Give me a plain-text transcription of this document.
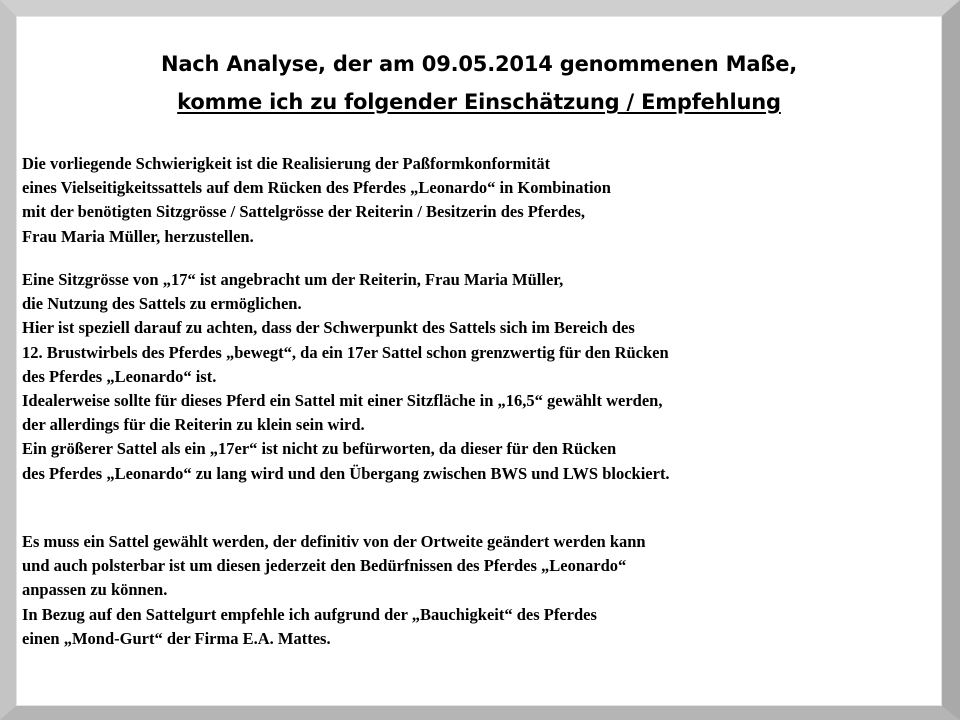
Nach Analyse, der am 09.05.2014 genommenen Maße,
komme ich zu folgender Einschätzung / Empfehlung
Die vorliegende Schwierigkeit ist die Realisierung der Paßformkonformität
eines Vielseitigkeitssattels auf dem Rücken des Pferdes „Leonardo“ in Kombination
mit der benötigten Sitzgrösse / Sattelgrösse der Reiterin / Besitzerin des Pferdes,
Frau Maria Müller, herzustellen.
Eine Sitzgrösse von „17“ ist angebracht um der Reiterin, Frau Maria Müller,
die Nutzung des Sattels zu ermöglichen.
Hier ist speziell darauf zu achten, dass der Schwerpunkt des Sattels sich im Bereich des
12. Brustwirbels des Pferdes „bewegt“, da ein 17er Sattel schon grenzwertig für den Rücken
des Pferdes „Leonardo“ ist.
Idealerweise sollte für dieses Pferd ein Sattel mit einer Sitzfläche in „16,5“ gewählt werden,
der allerdings für die Reiterin zu klein sein wird.
Ein größerer Sattel als ein „17er“ ist nicht zu befürworten, da dieser für den Rücken
des Pferdes „Leonardo“ zu lang wird und den Übergang zwischen BWS und LWS blockiert.
Es muss ein Sattel gewählt werden, der definitiv von der Ortweite geändert werden kann
und auch polsterbar ist um diesen jederzeit den Bedürfnissen des Pferdes „Leonardo“
anpassen zu können.
In Bezug auf den Sattelgurt empfehle ich aufgrund der „Bauchigkeit“ des Pferdes
einen „Mond-Gurt“ der Firma E.A. Mattes.
